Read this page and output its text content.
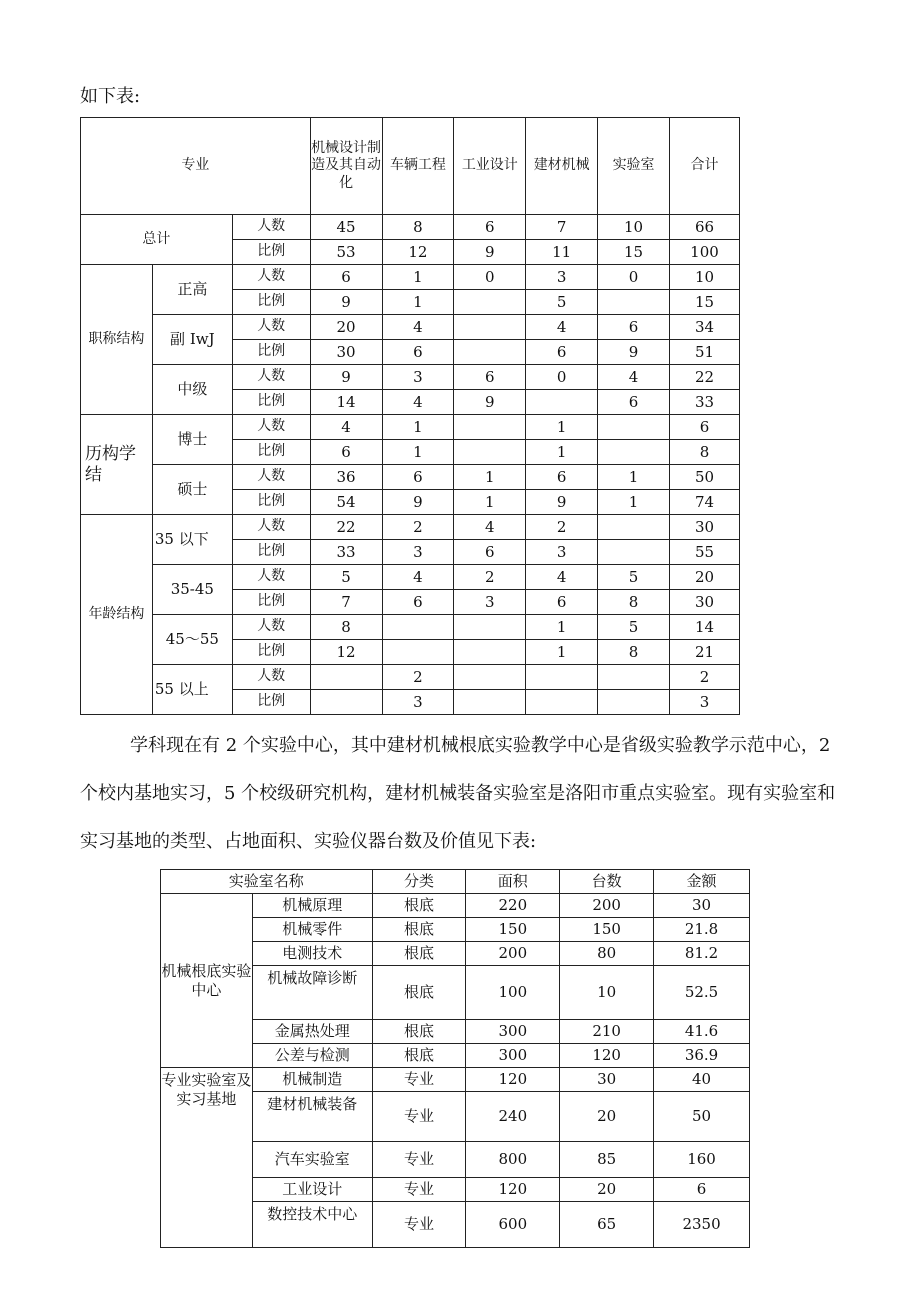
如下表:
专业			机械设计制造及其自动化	车辆工程	工业设计	建材机械	实验室	合计
总计		人数	45	8	6	7	10	66
		比例	53	12	9	11	15	100
职称结构	正高	人数	6	1	0	3	0	10
		比例	9	1		5		15
	副 IwJ	人数	20	4		4	6	34
		比例	30	6		6	9	51
	中级	人数	9	3	6	0	4	22
		比例	14	4	9		6	33
历构学结	博士	人数	4	1		1		6
		比例	6	1		1		8
	硕士	人数	36	6	1	6	1	50
		比例	54	9	1	9	1	74
年龄结构	35 以下	人数	22	2	4	2		30
		比例	33	3	6	3		55
	35-45	人数	5	4	2	4	5	20
		比例	7	6	3	6	8	30
	45～55	人数	8			1	5	14
		比例	12			1	8	21
	55 以上	人数		2				2
		比例		3				3
学科现在有 2 个实验中心，其中建材机械根底实验教学中心是省级实验教学示范中心，2 个校内基地实习，5 个校级研究机构，建材机械装备实验室是洛阳市重点实验室。现有实验室和实习基地的类型、占地面积、实验仪器台数及价值见下表:
实验室名称		分类	面积	台数	金额
机械根底实验中心	机械原理	根底	220	200	30
	机械零件	根底	150	150	21.8
	电测技术	根底	200	80	81.2
	机械故障诊断	根底	100	10	52.5
	金属热处理	根底	300	210	41.6
	公差与检测	根底	300	120	36.9
专业实验室及实习基地	机械制造	专业	120	30	40
	建材机械装备	专业	240	20	50
	汽车实验室	专业	800	85	160
	工业设计	专业	120	20	6
	数控技术中心	专业	600	65	2350
